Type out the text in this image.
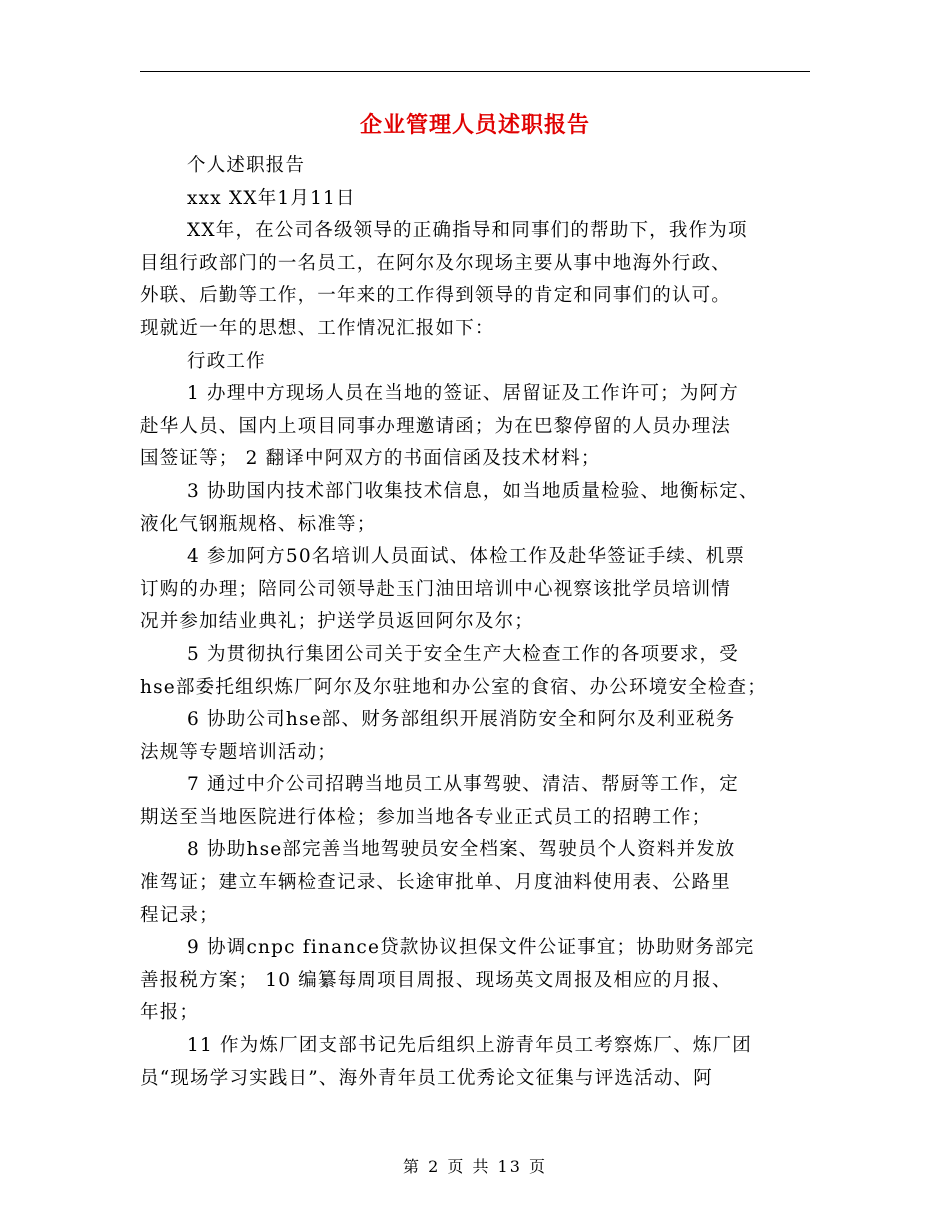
企业管理人员述职报告
个人述职报告
xxx XX年1月11日
XX年，在公司各级领导的正确指导和同事们的帮助下，我作为项
目组行政部门的一名员工，在阿尔及尔现场主要从事中地海外行政、
外联、后勤等工作，一年来的工作得到领导的肯定和同事们的认可。
现就近一年的思想、工作情况汇报如下：
行政工作
1 办理中方现场人员在当地的签证、居留证及工作许可；为阿方
赴华人员、国内上项目同事办理邀请函；为在巴黎停留的人员办理法
国签证等； 2 翻译中阿双方的书面信函及技术材料；
3 协助国内技术部门收集技术信息，如当地质量检验、地衡标定、
液化气钢瓶规格、标准等；
4 参加阿方50名培训人员面试、体检工作及赴华签证手续、机票
订购的办理；陪同公司领导赴玉门油田培训中心视察该批学员培训情
况并参加结业典礼；护送学员返回阿尔及尔；
5 为贯彻执行集团公司关于安全生产大检查工作的各项要求，受
hse部委托组织炼厂阿尔及尔驻地和办公室的食宿、办公环境安全检查；
6 协助公司hse部、财务部组织开展消防安全和阿尔及利亚税务
法规等专题培训活动；
7 通过中介公司招聘当地员工从事驾驶、清洁、帮厨等工作，定
期送至当地医院进行体检；参加当地各专业正式员工的招聘工作；
8 协助hse部完善当地驾驶员安全档案、驾驶员个人资料并发放
准驾证；建立车辆检查记录、长途审批单、月度油料使用表、公路里
程记录；
9 协调cnpc finance贷款协议担保文件公证事宜；协助财务部完
善报税方案； 10 编纂每周项目周报、现场英文周报及相应的月报、
年报；
11 作为炼厂团支部书记先后组织上游青年员工考察炼厂、炼厂团
员“现场学习实践日”、海外青年员工优秀论文征集与评选活动、阿
第 2 页 共 13 页
